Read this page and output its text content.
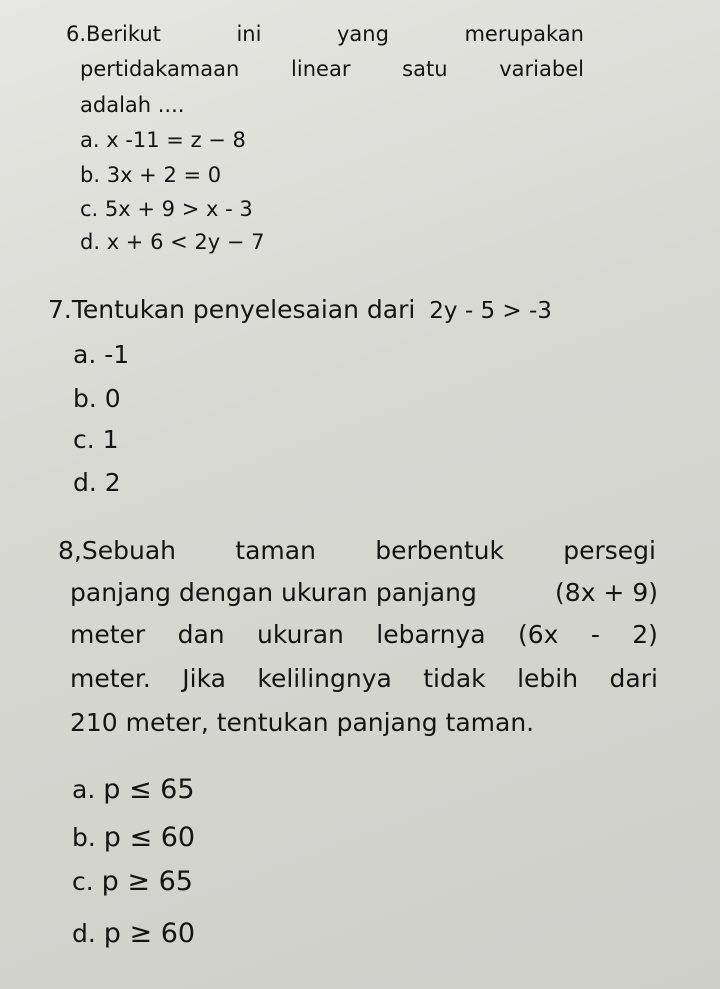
6.Berikut	ini	yang	merupakan
pertidakamaan linear satu variabel
adalah ....
a. x -11 = z − 8
b. 3x + 2 = 0
c. 5x + 9 > x - 3
d. x + 6 < 2y − 7
7.Tentukan penyelesaian dari 2y - 5 > -3
a. -1
b. 0
c. 1
d. 2
8,Sebuah taman berbentuk persegi
panjang dengan ukuran panjang	(8x + 9)
meter dan ukuran lebarnya (6x - 2)
meter. Jika kelilingnya tidak lebih dari
210 meter, tentukan panjang taman.
a. p ≤ 65
b. p ≤ 60
c. p ≥ 65
d. p ≥ 60
